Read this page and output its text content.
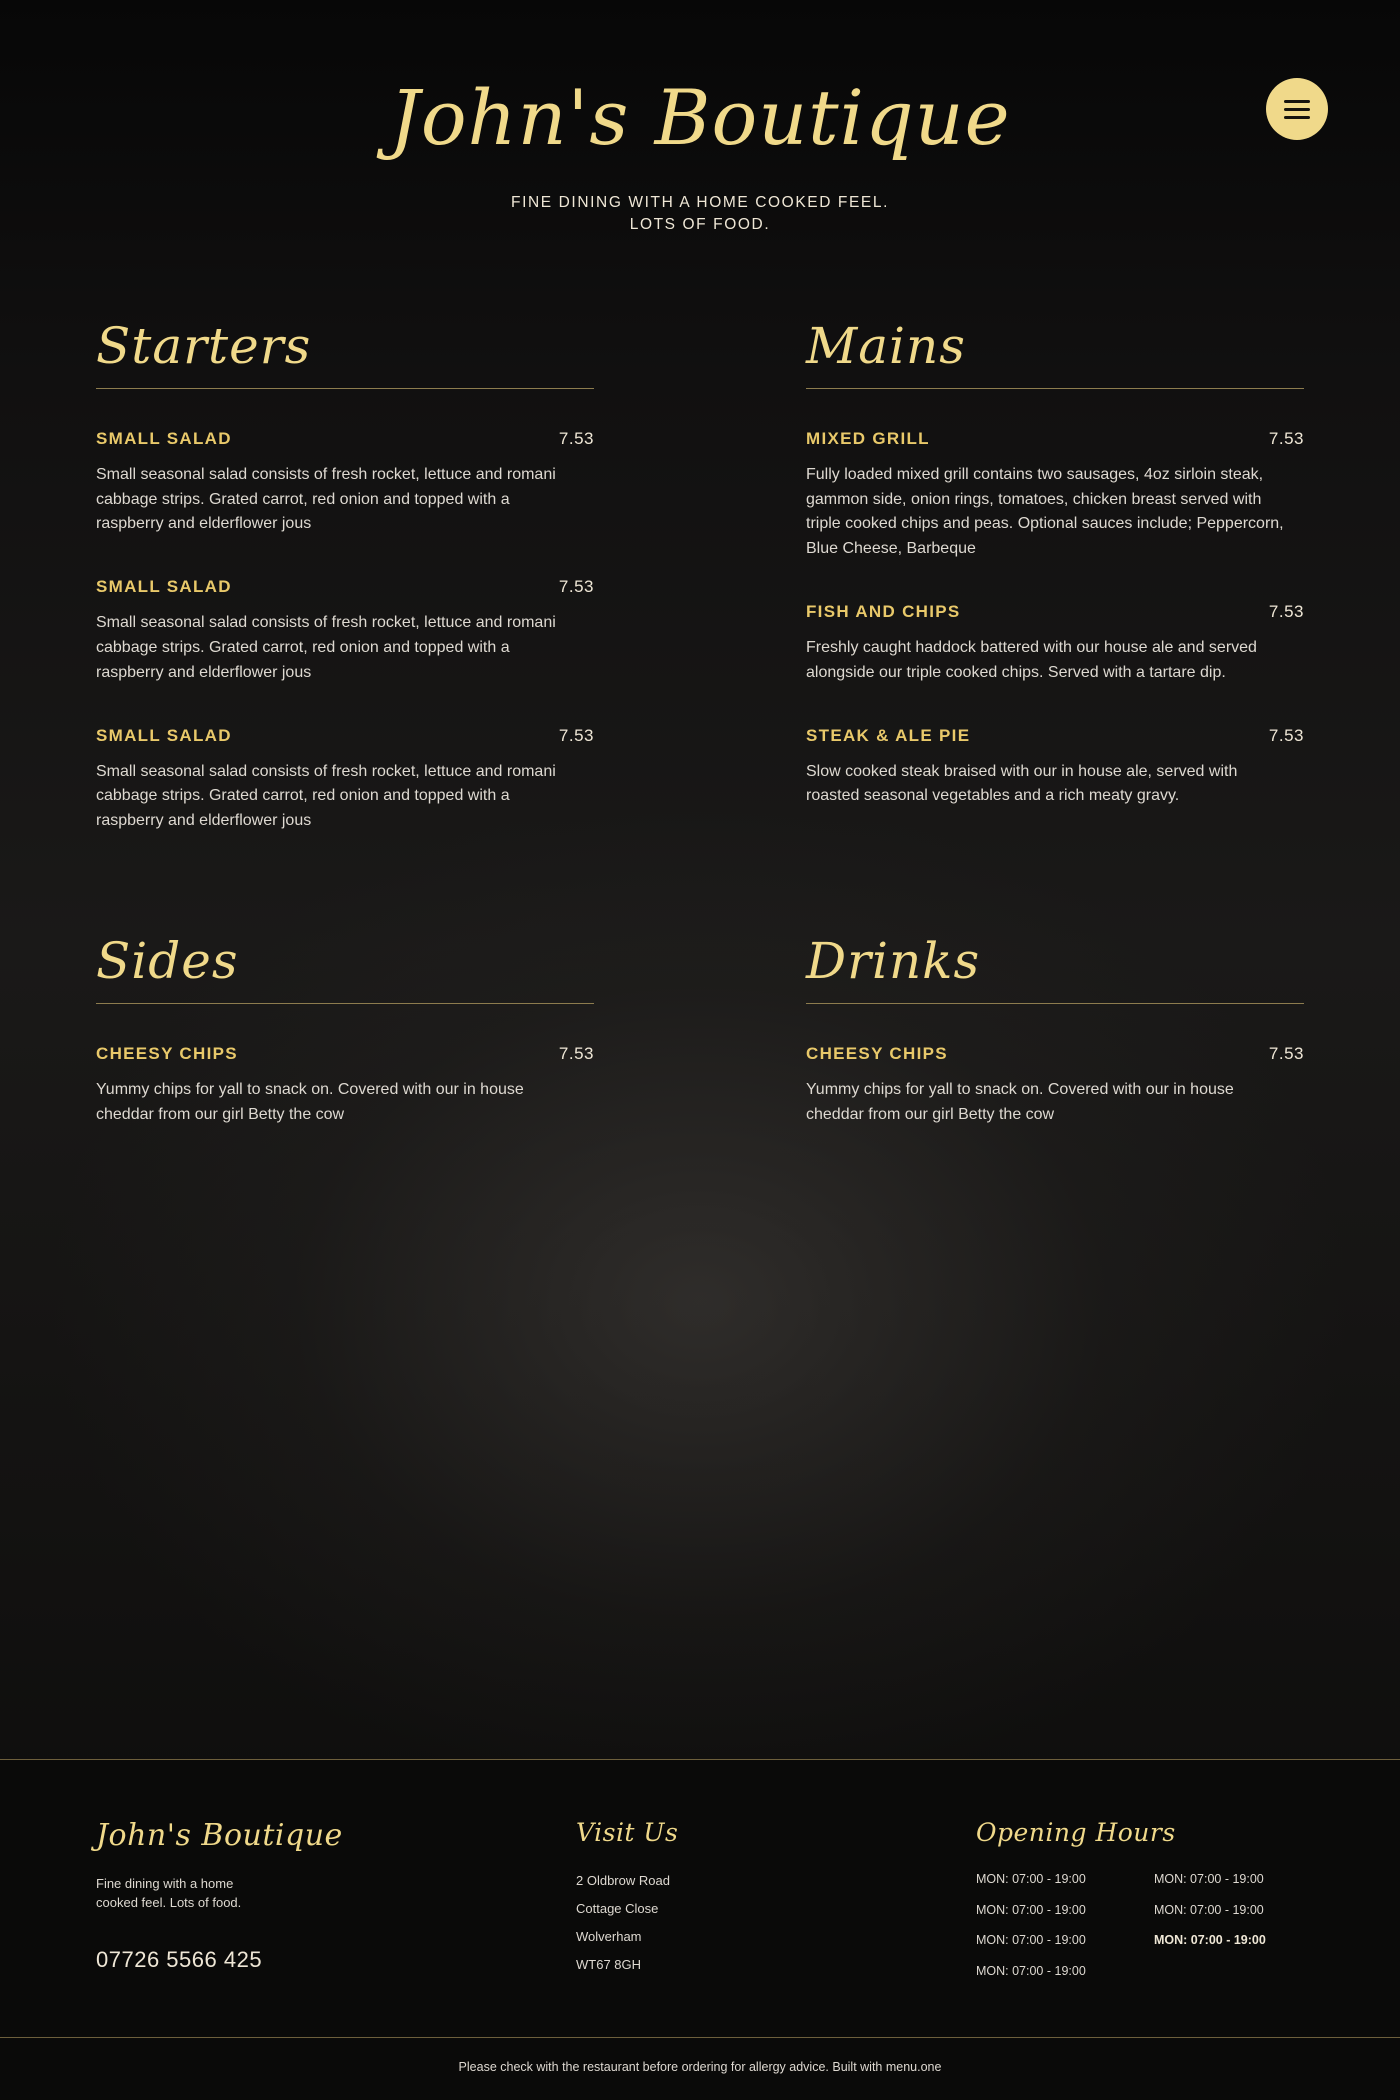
John's Boutique
FINE DINING WITH A HOME COOKED FEEL.
LOTS OF FOOD.
Starters
SMALL SALAD	7.53
Small seasonal salad consists of fresh rocket, lettuce and romani cabbage strips. Grated carrot, red onion and topped with a raspberry and elderflower jous
SMALL SALAD	7.53
Small seasonal salad consists of fresh rocket, lettuce and romani cabbage strips. Grated carrot, red onion and topped with a raspberry and elderflower jous
SMALL SALAD	7.53
Small seasonal salad consists of fresh rocket, lettuce and romani cabbage strips. Grated carrot, red onion and topped with a raspberry and elderflower jous
Mains
MIXED GRILL	7.53
Fully loaded mixed grill contains two sausages, 4oz sirloin steak, gammon side, onion rings, tomatoes, chicken breast served with triple cooked chips and peas. Optional sauces include; Peppercorn, Blue Cheese, Barbeque
FISH AND CHIPS	7.53
Freshly caught haddock battered with our house ale and served alongside our triple cooked chips. Served with a tartare dip.
STEAK & ALE PIE	7.53
Slow cooked steak braised with our in house ale, served with roasted seasonal vegetables and a rich meaty gravy.
Sides
CHEESY CHIPS	7.53
Yummy chips for yall to snack on. Covered with our in house cheddar from our girl Betty the cow
Drinks
CHEESY CHIPS	7.53
Yummy chips for yall to snack on. Covered with our in house cheddar from our girl Betty the cow
John's Boutique
Fine dining with a home
cooked feel. Lots of food.
07726 5566 425
Visit Us
2 Oldbrow Road
Cottage Close
Wolverham
WT67 8GH
Opening Hours
MON: 07:00 - 19:00	MON: 07:00 - 19:00
MON: 07:00 - 19:00	MON: 07:00 - 19:00
MON: 07:00 - 19:00	MON: 07:00 - 19:00
MON: 07:00 - 19:00
Please check with the restaurant before ordering for allergy advice. Built with menu.one
